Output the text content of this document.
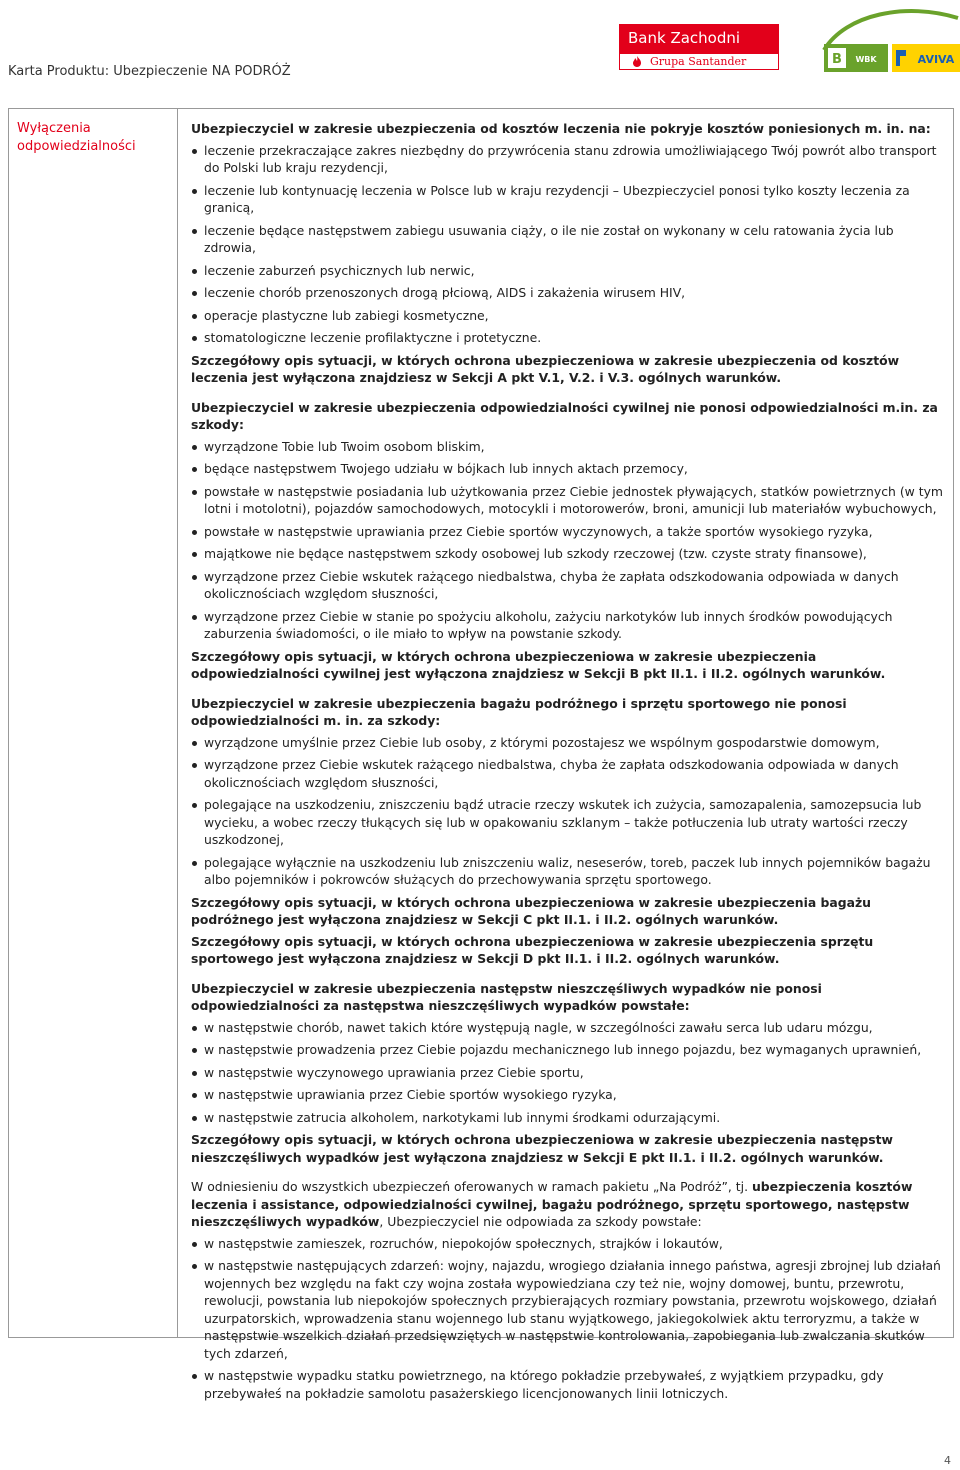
Karta Produktu: Ubezpieczenie NA PODRÓŻ
Bank Zachodni
Grupa Santander	B WBK	AVIVA
Wyłączenia odpowiedzialności

Ubezpieczyciel w zakresie ubezpieczenia od kosztów leczenia nie pokryje kosztów poniesionych m. in. na:

leczenie przekraczające zakres niezbędny do przywrócenia stanu zdrowia umożliwiającego Twój powrót albo transport do Polski lub kraju rezydencji,
leczenie lub kontynuację leczenia w Polsce lub w kraju rezydencji – Ubezpieczyciel ponosi tylko koszty leczenia za granicą,
leczenie będące następstwem zabiegu usuwania ciąży, o ile nie został on wykonany w celu ratowania życia lub zdrowia,
leczenie zaburzeń psychicznych lub nerwic,
leczenie chorób przenoszonych drogą płciową, AIDS i zakażenia wirusem HIV,
operacje plastyczne lub zabiegi kosmetyczne,
stomatologiczne leczenie profilaktyczne i protetyczne.

Szczegółowy opis sytuacji, w których ochrona ubezpieczeniowa w zakresie ubezpieczenia od kosztów leczenia jest wyłączona znajdziesz w Sekcji A pkt V.1, V.2. i V.3. ogólnych warunków.

Ubezpieczyciel w zakresie ubezpieczenia odpowiedzialności cywilnej nie ponosi odpowiedzialności m.in. za szkody:

wyrządzone Tobie lub Twoim osobom bliskim,
będące następstwem Twojego udziału w bójkach lub innych aktach przemocy,
powstałe w następstwie posiadania lub użytkowania przez Ciebie jednostek pływających, statków powietrznych (w tym lotni i motolotni), pojazdów samochodowych, motocykli i motorowerów, broni, amunicji lub materiałów wybuchowych,
powstałe w następstwie uprawiania przez Ciebie sportów wyczynowych, a także sportów wysokiego ryzyka,
majątkowe nie będące następstwem szkody osobowej lub szkody rzeczowej (tzw. czyste straty finansowe),
wyrządzone przez Ciebie wskutek rażącego niedbalstwa, chyba że zapłata odszkodowania odpowiada w danych okolicznościach względom słuszności,
wyrządzone przez Ciebie w stanie po spożyciu alkoholu, zażyciu narkotyków lub innych środków powodujących zaburzenia świadomości, o ile miało to wpływ na powstanie szkody.

Szczegółowy opis sytuacji, w których ochrona ubezpieczeniowa w zakresie ubezpieczenia odpowiedzialności cywilnej jest wyłączona znajdziesz w Sekcji B pkt II.1. i II.2. ogólnych warunków.

Ubezpieczyciel w zakresie ubezpieczenia bagażu podróżnego i sprzętu sportowego nie ponosi odpowiedzialności m. in. za szkody:

wyrządzone umyślnie przez Ciebie lub osoby, z którymi pozostajesz we wspólnym gospodarstwie domowym,
wyrządzone przez Ciebie wskutek rażącego niedbalstwa, chyba że zapłata odszkodowania odpowiada w danych okolicznościach względom słuszności,
polegające na uszkodzeniu, zniszczeniu bądź utracie rzeczy wskutek ich zużycia, samozapalenia, samozepsucia lub wycieku, a wobec rzeczy tłukących się lub w opakowaniu szklanym – także potłuczenia lub utraty wartości rzeczy uszkodzonej,
polegające wyłącznie na uszkodzeniu lub zniszczeniu waliz, neseserów, toreb, paczek lub innych pojemników bagażu albo pojemników i pokrowców służących do przechowywania sprzętu sportowego.

Szczegółowy opis sytuacji, w których ochrona ubezpieczeniowa w zakresie ubezpieczenia bagażu podróżnego jest wyłączona znajdziesz w Sekcji C pkt II.1. i II.2. ogólnych warunków.

Szczegółowy opis sytuacji, w których ochrona ubezpieczeniowa w zakresie ubezpieczenia sprzętu sportowego jest wyłączona znajdziesz w Sekcji D pkt II.1. i II.2. ogólnych warunków.

Ubezpieczyciel w zakresie ubezpieczenia następstw nieszczęśliwych wypadków nie ponosi odpowiedzialności za następstwa nieszczęśliwych wypadków powstałe:

w następstwie chorób, nawet takich które występują nagle, w szczególności zawału serca lub udaru mózgu,
w następstwie prowadzenia przez Ciebie pojazdu mechanicznego lub innego pojazdu, bez wymaganych uprawnień,
w następstwie wyczynowego uprawiania przez Ciebie sportu,
w następstwie uprawiania przez Ciebie sportów wysokiego ryzyka,
w następstwie zatrucia alkoholem, narkotykami lub innymi środkami odurzającymi.

Szczegółowy opis sytuacji, w których ochrona ubezpieczeniowa w zakresie ubezpieczenia następstw nieszczęśliwych wypadków jest wyłączona znajdziesz w Sekcji E pkt II.1. i II.2. ogólnych warunków.

W odniesieniu do wszystkich ubezpieczeń oferowanych w ramach pakietu „Na Podróż”, tj. ubezpieczenia kosztów leczenia i assistance, odpowiedzialności cywilnej, bagażu podróżnego, sprzętu sportowego, następstw nieszczęśliwych wypadków, Ubezpieczyciel nie odpowiada za szkody powstałe:

w następstwie zamieszek, rozruchów, niepokojów społecznych, strajków i lokautów,
w następstwie następujących zdarzeń: wojny, najazdu, wrogiego działania innego państwa, agresji zbrojnej lub działań wojennych bez względu na fakt czy wojna została wypowiedziana czy też nie, wojny domowej, buntu, przewrotu, rewolucji, powstania lub niepokojów społecznych przybierających rozmiary powstania, przewrotu wojskowego, działań uzurpatorskich, wprowadzenia stanu wojennego lub stanu wyjątkowego, jakiegokolwiek aktu terroryzmu, a także w następstwie wszelkich działań przedsięwziętych w następstwie kontrolowania, zapobiegania lub zwalczania skutków tych zdarzeń,
w następstwie wypadku statku powietrznego, na którego pokładzie przebywałeś, z wyjątkiem przypadku, gdy przebywałeś na pokładzie samolotu pasażerskiego licencjonowanych linii lotniczych.
4
